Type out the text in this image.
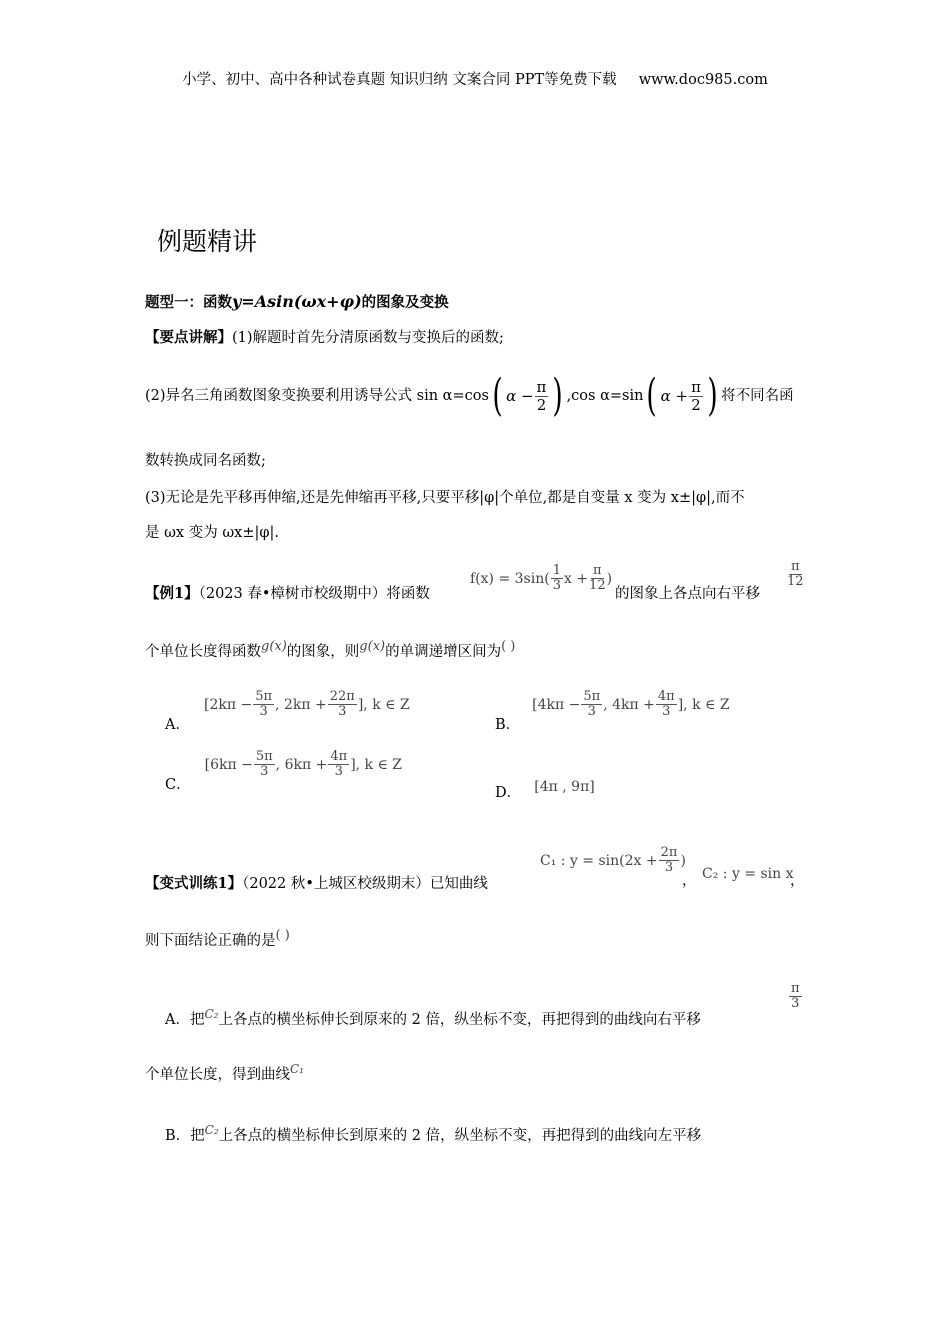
小学、初中、高中各种试卷真题 知识归纳 文案合同 PPT等免费下载 www.doc985.com
例题精讲
题型一：函数y=Asin(ωx+φ)的图象及变换
【要点讲解】(1)解题时首先分清原函数与变换后的函数;
(2)异名三角函数图象变换要利用诱导公式 sin α=cos ( $\alpha - \frac{\pi}{2}$ ) ,cos α=sin ( $\alpha + \frac{\pi}{2}$ ) 将不同名函
数转换成同名函数;
(3)无论是先平移再伸缩,还是先伸缩再平移,只要平移|φ|个单位,都是自变量 x 变为 x±|φ|,而不
是 ωx 变为 ωx±|φ|.
【例1】（2023 春•樟树市校级期中）将函数
$f(x) = 3\sin( \frac{1}{3}$ $x + \frac{\pi}{12}$ )
的图象上各点向右平移
$\frac{\pi}{12}$
个单位长度得函数$^{g(x)}$的图象，则$^{g(x)}$的单调递增区间为( )
A．
[$2k\pi - \frac{5\pi}{3}$ , $2k\pi + \frac{22\pi}{3}$ ], k ∈ Z
B．
[$4k\pi - \frac{5\pi}{3}$ , $4k\pi + \frac{4\pi}{3}$ ], k ∈ Z
C．
[$6k\pi - \frac{5\pi}{3}$ , $6k\pi + \frac{4\pi}{3}$ ], k ∈ Z
D． [4π , 9π]
【变式训练1】（2022 秋•上城区校级期末）已知曲线
C₁ : $y = \sin(2x + \frac{2\pi}{3}$ )
， C₂ : y = sin x
，
则下面结论正确的是( )
A．把$^{C_2}$上各点的横坐标伸长到原来的 2 倍，纵坐标不变，再把得到的曲线向右平移
$\frac{\pi}{3}$
个单位长度，得到曲线$^{C_1}$
B．把$^{C_2}$上各点的横坐标伸长到原来的 2 倍，纵坐标不变，再把得到的曲线向左平移
